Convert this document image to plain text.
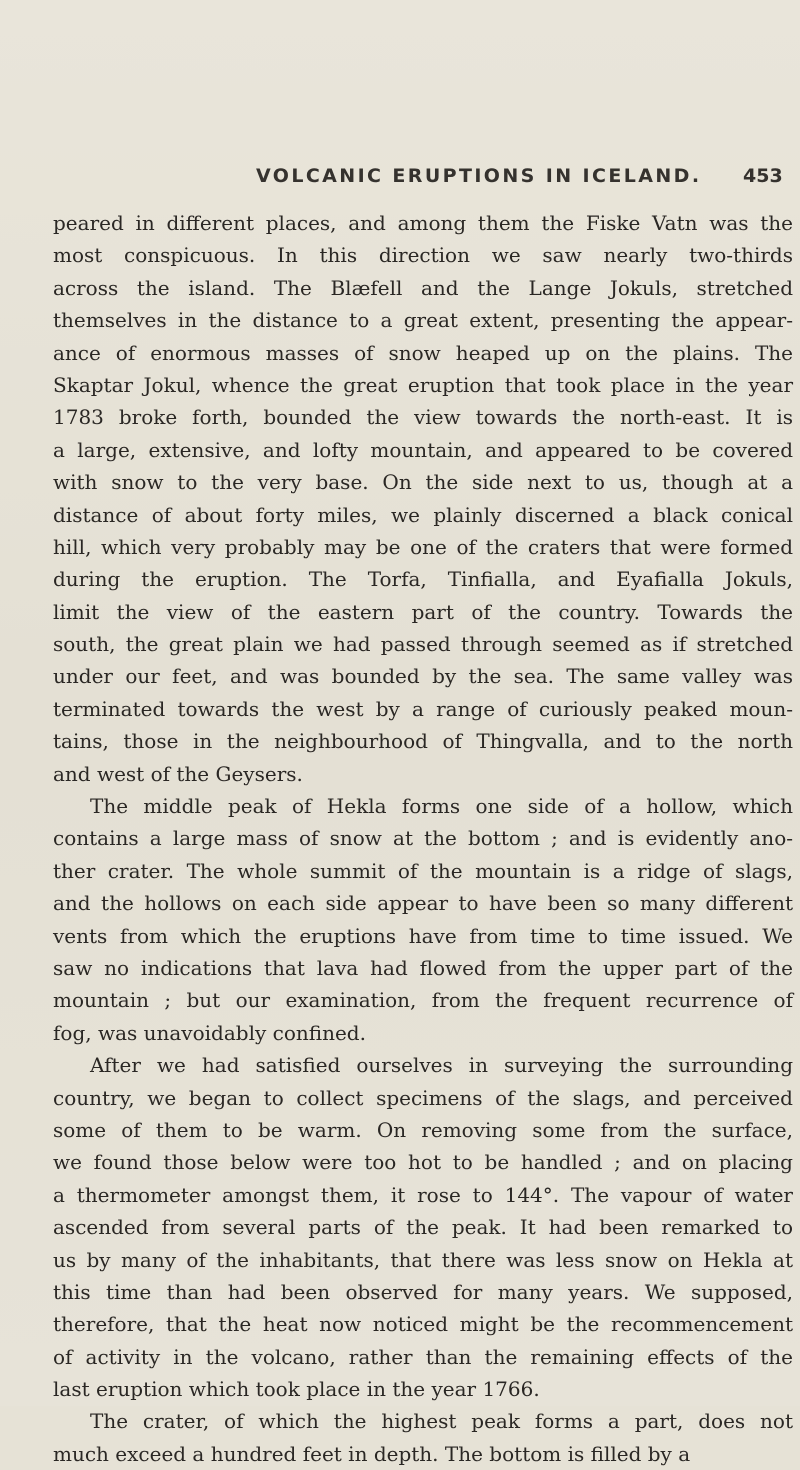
VOLCANIC ERUPTIONS IN ICELAND. 453
peared in different places, and among them the Fiske Vatn was the
most conspicuous. In this direction we saw nearly two-thirds
across the island. The Blæfell and the Lange Jokuls, stretched
themselves in the distance to a great extent, presenting the appear-
ance of enormous masses of snow heaped up on the plains. The
Skaptar Jokul, whence the great eruption that took place in the year
1783 broke forth, bounded the view towards the north-east. It is
a large, extensive, and lofty mountain, and appeared to be covered
with snow to the very base. On the side next to us, though at a
distance of about forty miles, we plainly discerned a black conical
hill, which very probably may be one of the craters that were formed
during the eruption. The Torfa, Tinfialla, and Eyafialla Jokuls,
limit the view of the eastern part of the country. Towards the
south, the great plain we had passed through seemed as if stretched
under our feet, and was bounded by the sea. The same valley was
terminated towards the west by a range of curiously peaked moun-
tains, those in the neighbourhood of Thingvalla, and to the north
and west of the Geysers.
The middle peak of Hekla forms one side of a hollow, which
contains a large mass of snow at the bottom ; and is evidently ano-
ther crater. The whole summit of the mountain is a ridge of slags,
and the hollows on each side appear to have been so many different
vents from which the eruptions have from time to time issued. We
saw no indications that lava had flowed from the upper part of the
mountain ; but our examination, from the frequent recurrence of
fog, was unavoidably confined.
After we had satisfied ourselves in surveying the surrounding
country, we began to collect specimens of the slags, and perceived
some of them to be warm. On removing some from the surface,
we found those below were too hot to be handled ; and on placing
a thermometer amongst them, it rose to 144°. The vapour of water
ascended from several parts of the peak. It had been remarked to
us by many of the inhabitants, that there was less snow on Hekla at
this time than had been observed for many years. We supposed,
therefore, that the heat now noticed might be the recommencement
of activity in the volcano, rather than the remaining effects of the
last eruption which took place in the year 1766.
The crater, of which the highest peak forms a part, does not
much exceed a hundred feet in depth. The bottom is filled by a
